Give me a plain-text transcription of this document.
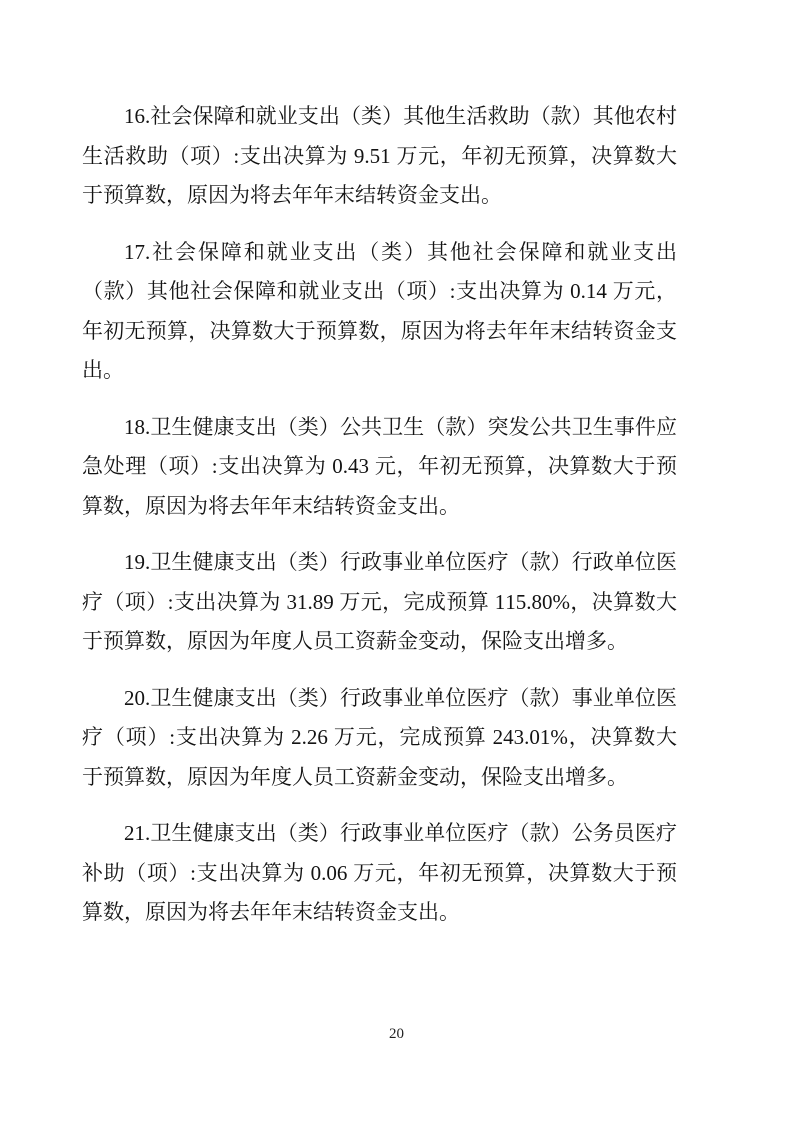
16.社会保障和就业支出（类）其他生活救助（款）其他农村生活救助（项）:支出决算为 9.51 万元，年初无预算，决算数大于预算数，原因为将去年年末结转资金支出。

17.社会保障和就业支出（类）其他社会保障和就业支出（款）其他社会保障和就业支出（项）:支出决算为 0.14 万元，年初无预算，决算数大于预算数，原因为将去年年末结转资金支出。

18.卫生健康支出（类）公共卫生（款）突发公共卫生事件应急处理（项）:支出决算为 0.43 元，年初无预算，决算数大于预算数，原因为将去年年末结转资金支出。

19.卫生健康支出（类）行政事业单位医疗（款）行政单位医疗（项）:支出决算为 31.89 万元，完成预算 115.80%，决算数大于预算数，原因为年度人员工资薪金变动，保险支出增多。

20.卫生健康支出（类）行政事业单位医疗（款）事业单位医疗（项）:支出决算为 2.26 万元，完成预算 243.01%，决算数大于预算数，原因为年度人员工资薪金变动，保险支出增多。

21.卫生健康支出（类）行政事业单位医疗（款）公务员医疗补助（项）:支出决算为 0.06 万元，年初无预算，决算数大于预算数，原因为将去年年末结转资金支出。

20
